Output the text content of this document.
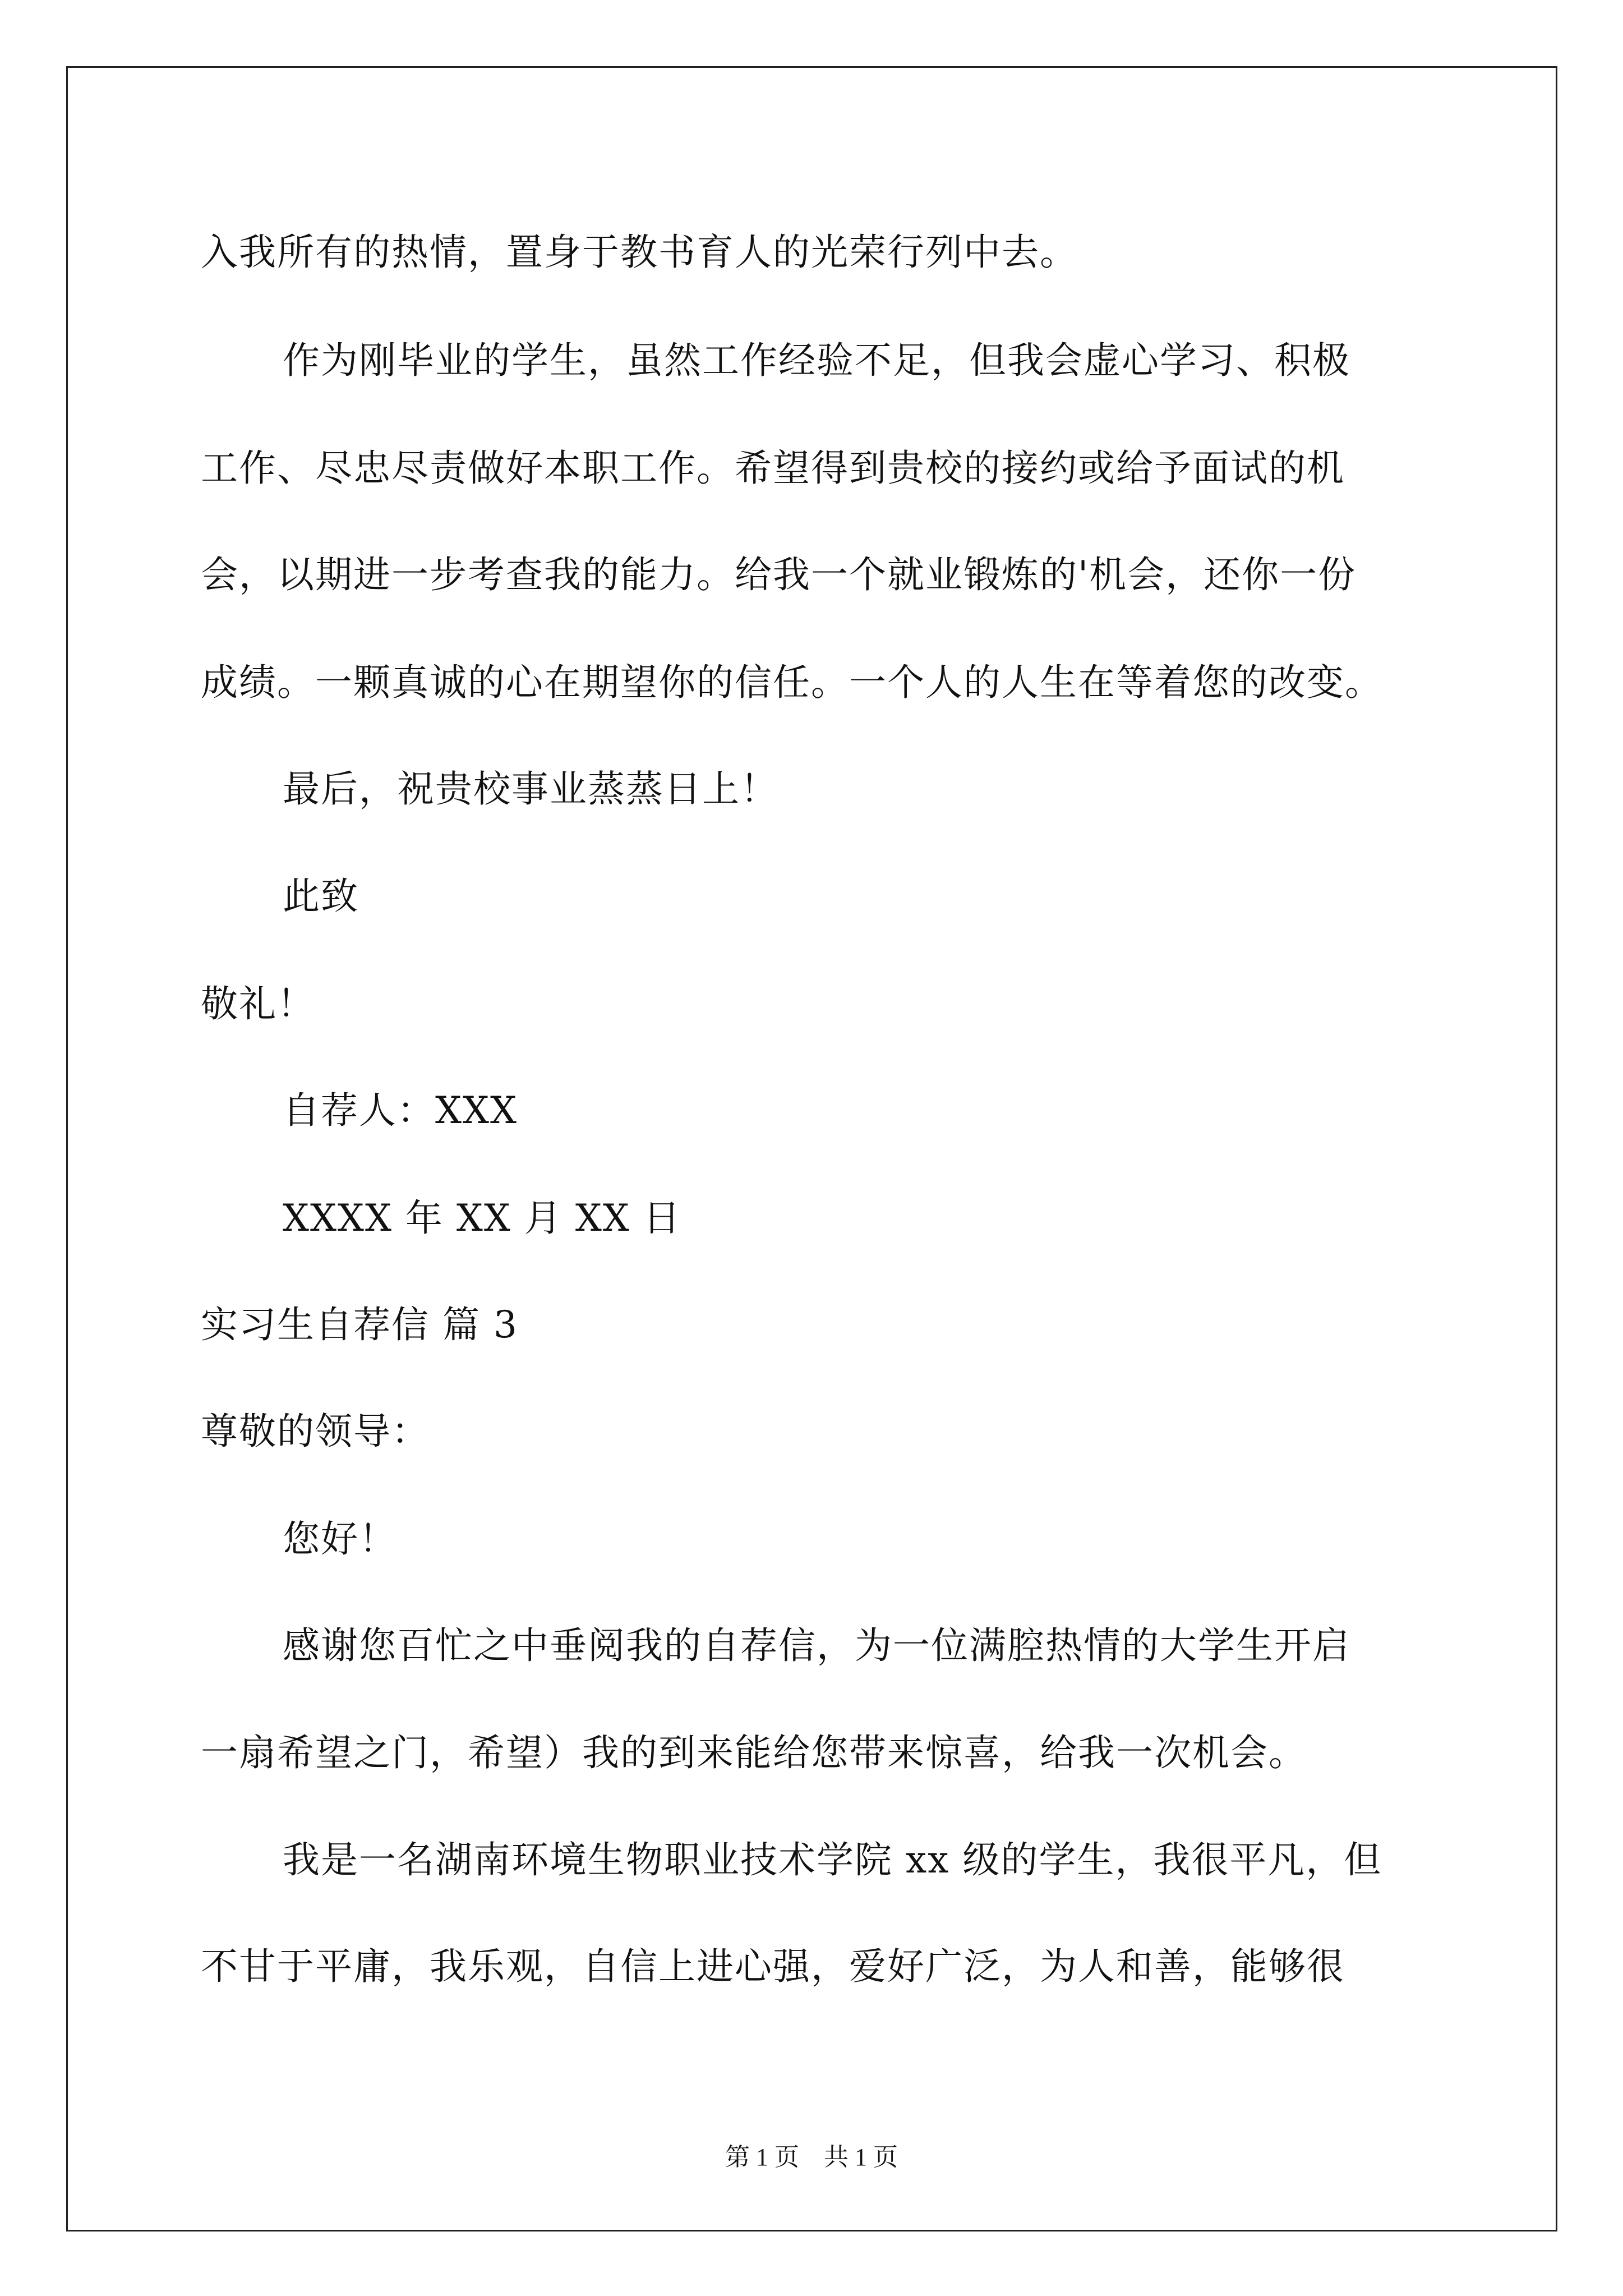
入我所有的热情，置身于教书育人的光荣行列中去。
作为刚毕业的学生，虽然工作经验不足，但我会虚心学习、积极
工作、尽忠尽责做好本职工作。希望得到贵校的接约或给予面试的机
会，以期进一步考查我的能力。给我一个就业锻炼的'机会，还你一份
成绩。一颗真诚的心在期望你的信任。一个人的人生在等着您的改变。
最后，祝贵校事业蒸蒸日上！
此致
敬礼！
自荐人：XXX
XXXX 年 XX 月 XX 日
实习生自荐信 篇 3
尊敬的领导：
您好！
感谢您百忙之中垂阅我的自荐信，为一位满腔热情的大学生开启
一扇希望之门，希望）我的到来能给您带来惊喜，给我一次机会。
我是一名湖南环境生物职业技术学院 xx 级的学生，我很平凡，但
不甘于平庸，我乐观，自信上进心强，爱好广泛，为人和善，能够很
第 1 页　共 1 页
